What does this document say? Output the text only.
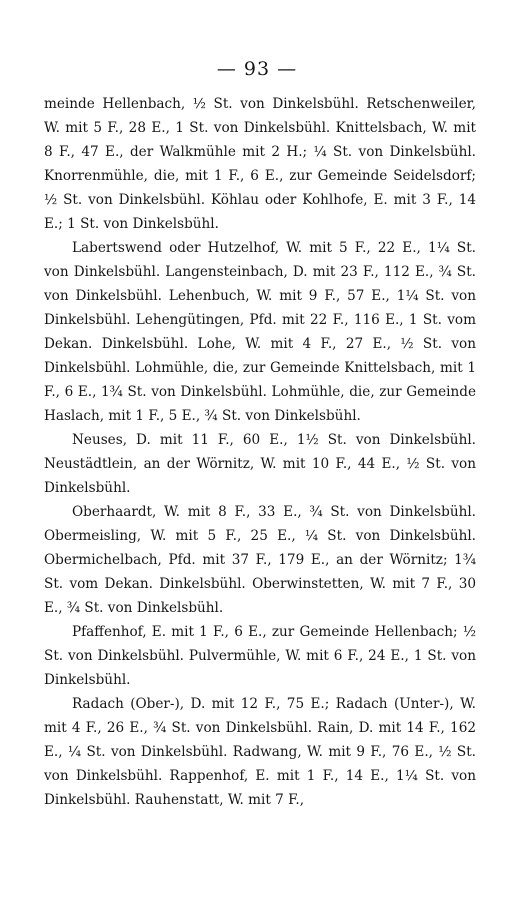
— 93 —

meinde Hellenbach, ½ St. von Dinkelsbühl. Retschenweiler, W. mit 5 F., 28 E., 1 St. von Dinkelsbühl. Knittelsbach, W. mit 8 F., 47 E., der Walkmühle mit 2 H.; ¼ St. von Dinkelsbühl. Knorrenmühle, die, mit 1 F., 6 E., zur Gemeinde Seidelsdorf; ½ St. von Dinkelsbühl. Köhlau oder Kohlhofe, E. mit 3 F., 14 E.; 1 St. von Dinkelsbühl.

Labertswend oder Hutzelhof, W. mit 5 F., 22 E., 1¼ St. von Dinkelsbühl. Langensteinbach, D. mit 23 F., 112 E., ¾ St. von Dinkelsbühl. Lehenbuch, W. mit 9 F., 57 E., 1¼ St. von Dinkelsbühl. Lehengütingen, Pfd. mit 22 F., 116 E., 1 St. vom Dekan. Dinkelsbühl. Lohe, W. mit 4 F., 27 E., ½ St. von Dinkelsbühl. Lohmühle, die, zur Gemeinde Knittelsbach, mit 1 F., 6 E., 1¾ St. von Dinkelsbühl. Lohmühle, die, zur Gemeinde Haslach, mit 1 F., 5 E., ¾ St. von Dinkelsbühl.

Neuses, D. mit 11 F., 60 E., 1½ St. von Dinkelsbühl. Neustädtlein, an der Wörnitz, W. mit 10 F., 44 E., ½ St. von Dinkelsbühl.

Oberhaardt, W. mit 8 F., 33 E., ¾ St. von Dinkelsbühl. Obermeisling, W. mit 5 F., 25 E., ¼ St. von Dinkelsbühl. Obermichelbach, Pfd. mit 37 F., 179 E., an der Wörnitz; 1¾ St. vom Dekan. Dinkelsbühl. Oberwinstetten, W. mit 7 F., 30 E., ¾ St. von Dinkelsbühl.

Pfaffenhof, E. mit 1 F., 6 E., zur Gemeinde Hellenbach; ½ St. von Dinkelsbühl. Pulvermühle, W. mit 6 F., 24 E., 1 St. von Dinkelsbühl.

Radach (Ober-), D. mit 12 F., 75 E.; Radach (Unter-), W. mit 4 F., 26 E., ¾ St. von Dinkelsbühl. Rain, D. mit 14 F., 162 E., ¼ St. von Dinkelsbühl. Radwang, W. mit 9 F., 76 E., ½ St. von Dinkelsbühl. Rappenhof, E. mit 1 F., 14 E., 1¼ St. von Dinkelsbühl. Rauhenstatt, W. mit 7 F.,
